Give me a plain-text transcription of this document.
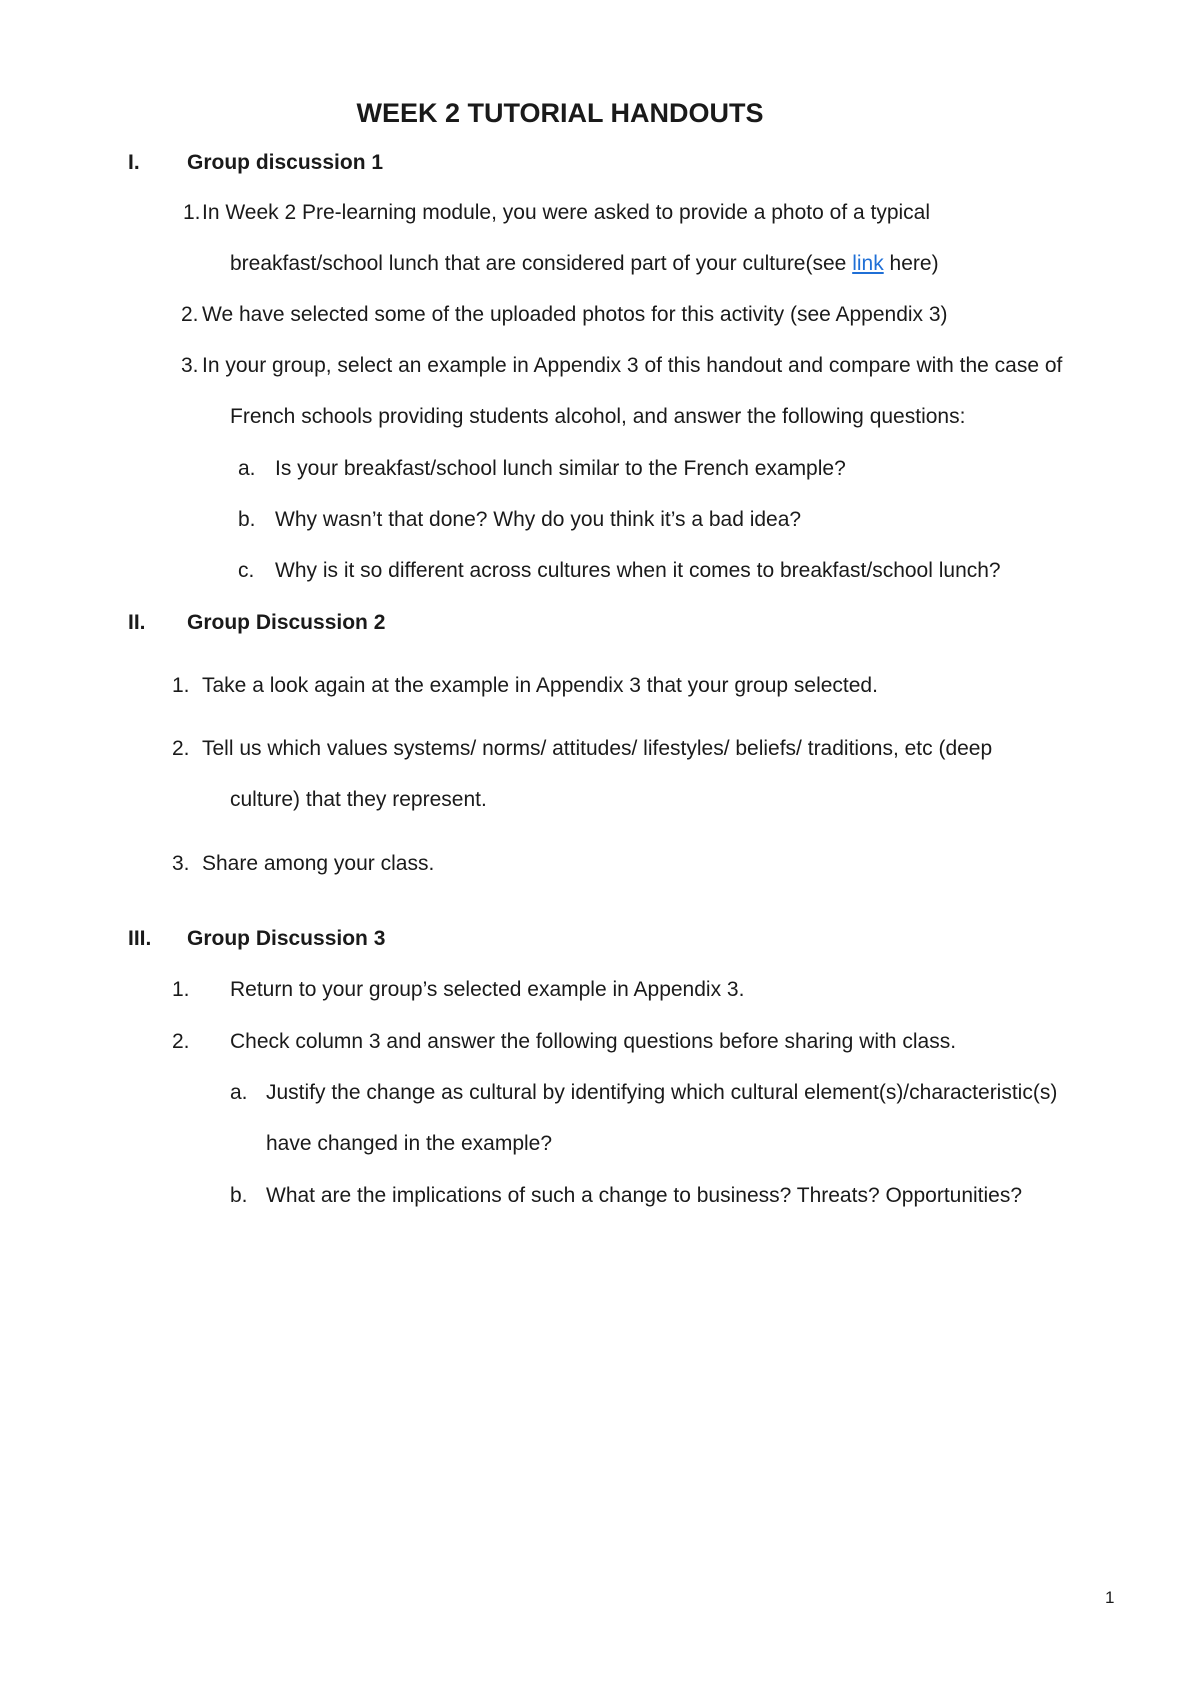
WEEK 2 TUTORIAL HANDOUTS
I. Group discussion 1
1. In Week 2 Pre-learning module, you were asked to provide a photo of a typical
breakfast/school lunch that are considered part of your culture(see link here)
2. We have selected some of the uploaded photos for this activity (see Appendix 3)
3. In your group, select an example in Appendix 3 of this handout and compare with the case of
French schools providing students alcohol, and answer the following questions:
a. Is your breakfast/school lunch similar to the French example?
b. Why wasn’t that done? Why do you think it’s a bad idea?
c. Why is it so different across cultures when it comes to breakfast/school lunch?
II. Group Discussion 2
1. Take a look again at the example in Appendix 3 that your group selected.
2. Tell us which values systems/ norms/ attitudes/ lifestyles/ beliefs/ traditions, etc (deep
culture) that they represent.
3. Share among your class.
III. Group Discussion 3
1. Return to your group’s selected example in Appendix 3.
2. Check column 3 and answer the following questions before sharing with class.
a. Justify the change as cultural by identifying which cultural element(s)/characteristic(s)
have changed in the example?
b. What are the implications of such a change to business? Threats? Opportunities?
1
